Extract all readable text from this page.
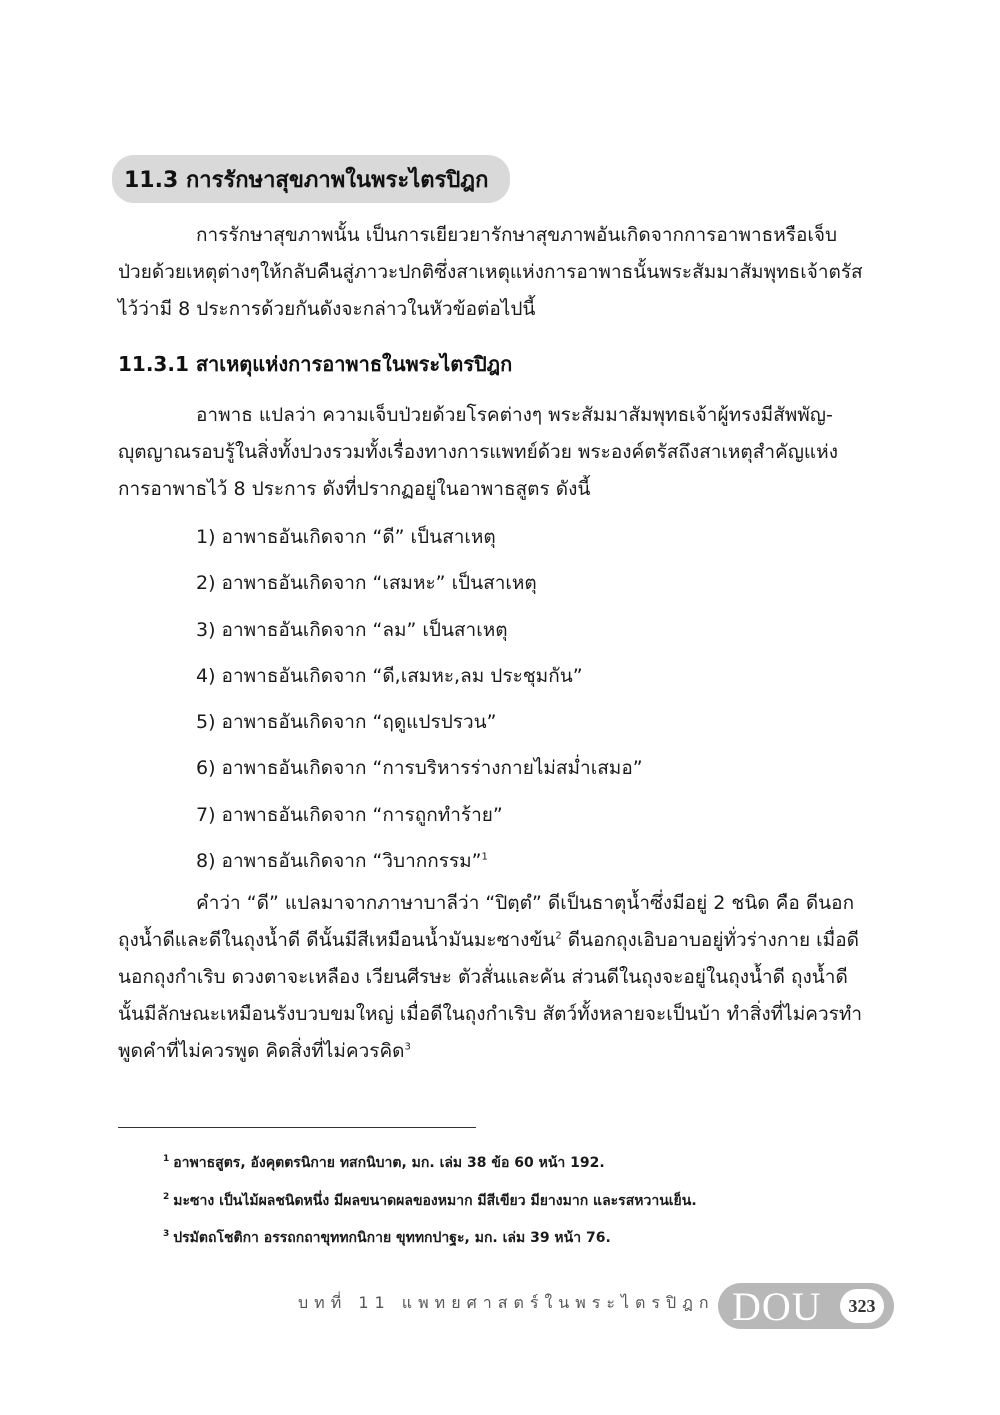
11.3 การรักษาสุขภาพในพระไตรปิฎก

การรักษาสุขภาพนั้น เป็นการเยียวยารักษาสุขภาพอันเกิดจากการอาพาธหรือเจ็บ
ป่วยด้วยเหตุต่างๆให้กลับคืนสู่ภาวะปกติซึ่งสาเหตุแห่งการอาพาธนั้นพระสัมมาสัมพุทธเจ้าตรัส
ไว้ว่ามี 8 ประการด้วยกันดังจะกล่าวในหัวข้อต่อไปนี้

11.3.1 สาเหตุแห่งการอาพาธในพระไตรปิฎก

อาพาธ แปลว่า ความเจ็บป่วยด้วยโรคต่างๆ พระสัมมาสัมพุทธเจ้าผู้ทรงมีสัพพัญ-
ญุตญาณรอบรู้ในสิ่งทั้งปวงรวมทั้งเรื่องทางการแพทย์ด้วย พระองค์ตรัสถึงสาเหตุสำคัญแห่ง
การอาพาธไว้ 8 ประการ ดังที่ปรากฏอยู่ในอาพาธสูตร ดังนี้

1) อาพาธอันเกิดจาก “ดี” เป็นสาเหตุ
2) อาพาธอันเกิดจาก “เสมหะ” เป็นสาเหตุ
3) อาพาธอันเกิดจาก “ลม” เป็นสาเหตุ
4) อาพาธอันเกิดจาก “ดี,เสมหะ,ลม ประชุมกัน”
5) อาพาธอันเกิดจาก “ฤดูแปรปรวน”
6) อาพาธอันเกิดจาก “การบริหารร่างกายไม่สม่ำเสมอ”
7) อาพาธอันเกิดจาก “การถูกทำร้าย”
8) อาพาธอันเกิดจาก “วิบากกรรม”$^1$

คำว่า “ดี” แปลมาจากภาษาบาลีว่า “ปิตฺตํ” ดีเป็นธาตุน้ำซึ่งมีอยู่ 2 ชนิด คือ ดีนอก
ถุงน้ำดีและดีในถุงน้ำดี ดีนั้นมีสีเหมือนน้ำมันมะซางข้น$^2$ ดีนอกถุงเอิบอาบอยู่ทั่วร่างกาย เมื่อดี
นอกถุงกำเริบ ดวงตาจะเหลือง เวียนศีรษะ ตัวสั่นและคัน ส่วนดีในถุงจะอยู่ในถุงน้ำดี ถุงน้ำดี
นั้นมีลักษณะเหมือนรังบวบขมใหญ่ เมื่อดีในถุงกำเริบ สัตว์ทั้งหลายจะเป็นบ้า ทำสิ่งที่ไม่ควรทำ
พูดคำที่ไม่ควรพูด คิดสิ่งที่ไม่ควรคิด$^3$

$^1$ อาพาธสูตร, อังคุตตรนิกาย ทสกนิบาต, มก. เล่ม 38 ข้อ 60 หน้า 192.
$^2$ มะซาง เป็นไม้ผลชนิดหนึ่ง มีผลขนาดผลของหมาก มีสีเขียว มียางมาก และรสหวานเย็น.
$^3$ ปรมัตถโชติกา อรรถกถาขุททกนิกาย ขุททกปาฐะ, มก. เล่ม 39 หน้า 76.
บทที่ 11 แพทยศาสตร์ในพระไตรปิฎก DOU	323
